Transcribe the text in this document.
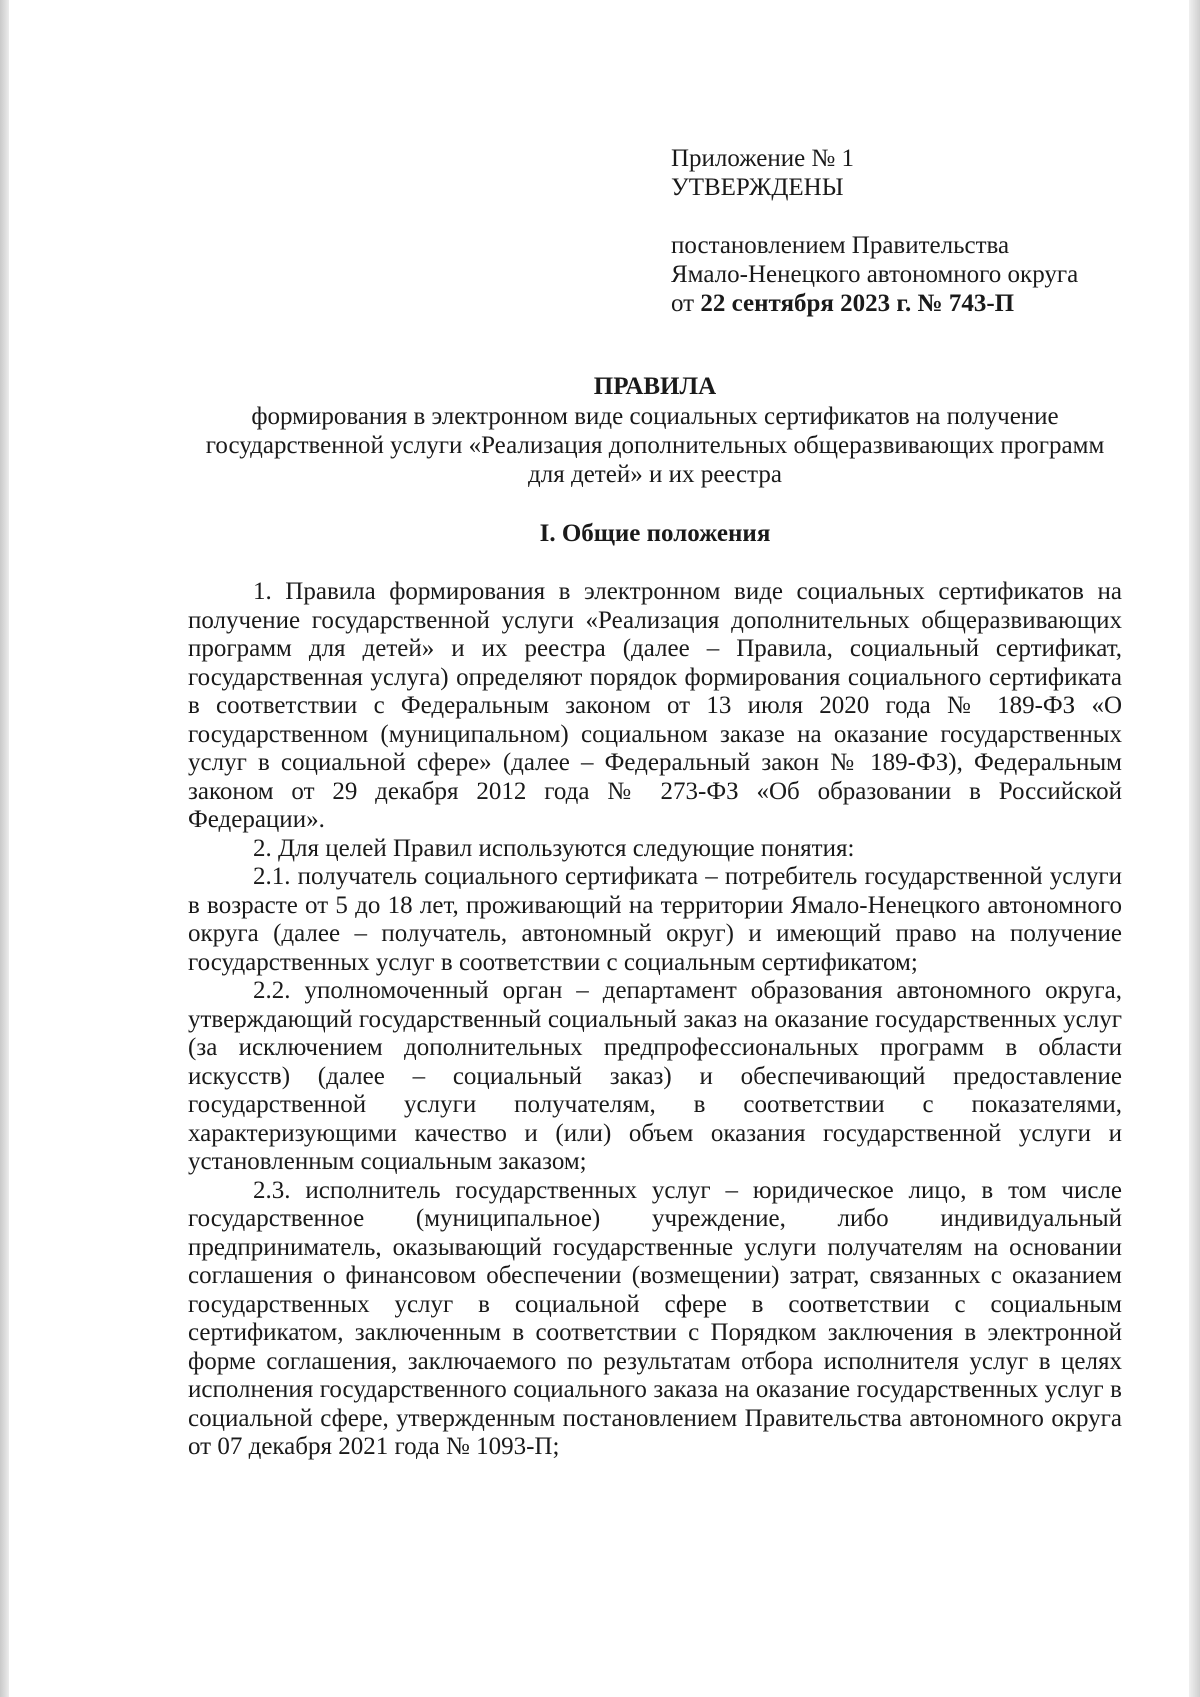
Приложение № 1
УТВЕРЖДЕНЫ
постановлением Правительства
Ямало-Ненецкого автономного округа
от 22 сентября 2023 г. № 743-П
ПРАВИЛА

формирования в электронном виде социальных сертификатов на получение государственной услуги «Реализация дополнительных общеразвивающих программ для детей» и их реестра

I. Общие положения

1. Правила формирования в электронном виде социальных сертификатов на получение государственной услуги «Реализация дополнительных общеразвивающих программ для детей» и их реестра (далее – Правила, социальный сертификат, государственная услуга) определяют порядок формирования социального сертификата в соответствии с Федеральным законом от 13 июля 2020 года № 189-ФЗ «О государственном (муниципальном) социальном заказе на оказание государственных услуг в социальной сфере» (далее – Федеральный закон № 189-ФЗ), Федеральным законом от 29 декабря 2012 года № 273-ФЗ «Об образовании в Российской Федерации».

2. Для целей Правил используются следующие понятия:

2.1. получатель социального сертификата – потребитель государственной услуги в возрасте от 5 до 18 лет, проживающий на территории Ямало-Ненецкого автономного округа (далее – получатель, автономный округ) и имеющий право на получение государственных услуг в соответствии с социальным сертификатом;

2.2. уполномоченный орган – департамент образования автономного округа, утверждающий государственный социальный заказ на оказание государственных услуг (за исключением дополнительных предпрофессиональных программ в области искусств) (далее – социальный заказ) и обеспечивающий предоставление государственной услуги получателям, в соответствии с показателями, характеризующими качество и (или) объем оказания государственной услуги и установленным социальным заказом;

2.3. исполнитель государственных услуг – юридическое лицо, в том числе государственное (муниципальное) учреждение, либо индивидуальный предприниматель, оказывающий государственные услуги получателям на основании соглашения о финансовом обеспечении (возмещении) затрат, связанных с оказанием государственных услуг в социальной сфере в соответствии с социальным сертификатом, заключенным в соответствии с Порядком заключения в электронной форме соглашения, заключаемого по результатам отбора исполнителя услуг в целях исполнения государственного социального заказа на оказание государственных услуг в социальной сфере, утвержденным постановлением Правительства автономного округа от 07 декабря 2021 года № 1093-П;
